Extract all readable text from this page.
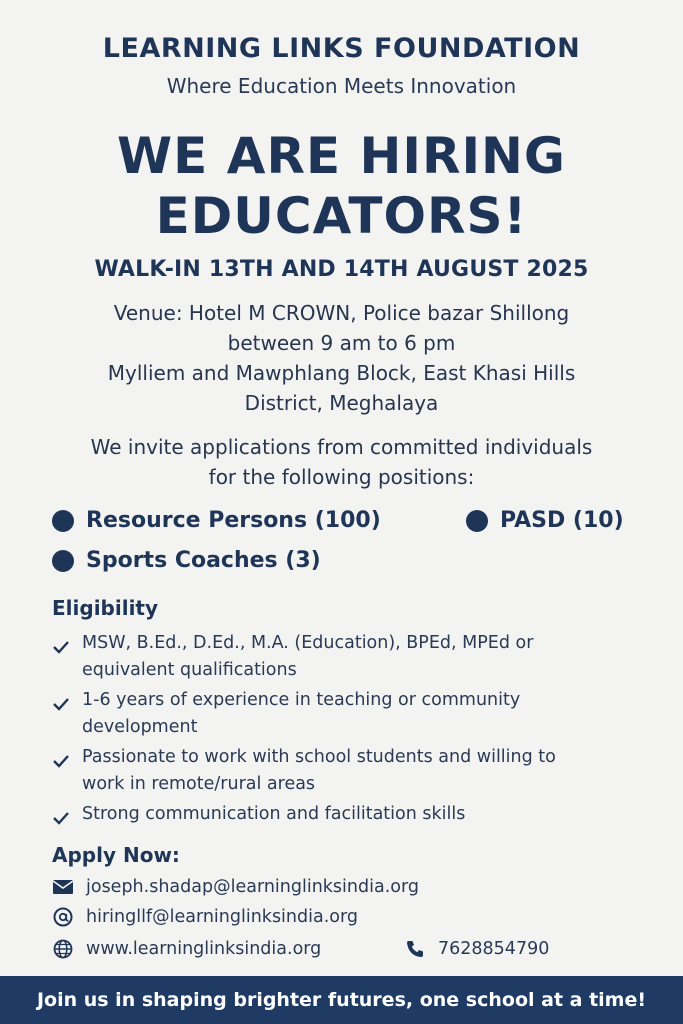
LEARNING LINKS FOUNDATION
Where Education Meets Innovation
WE ARE HIRING
EDUCATORS!
WALK-IN 13TH AND 14TH AUGUST 2025
Venue: Hotel M CROWN, Police bazar Shillong
between 9 am to 6 pm
Mylliem and Mawphlang Block, East Khasi Hills
District, Meghalaya
We invite applications from committed individuals
for the following positions:
Resource Persons (100)	PASD (10)
Sports Coaches (3)
Eligibility
MSW, B.Ed., D.Ed., M.A. (Education), BPEd, MPEd or
equivalent qualifications
1-6 years of experience in teaching or community
development
Passionate to work with school students and willing to
work in remote/rural areas
Strong communication and facilitation skills
Apply Now:
joseph.shadap@learninglinksindia.org
hiringllf@learninglinksindia.org
www.learninglinksindia.org	7628854790
Join us in shaping brighter futures, one school at a time!
